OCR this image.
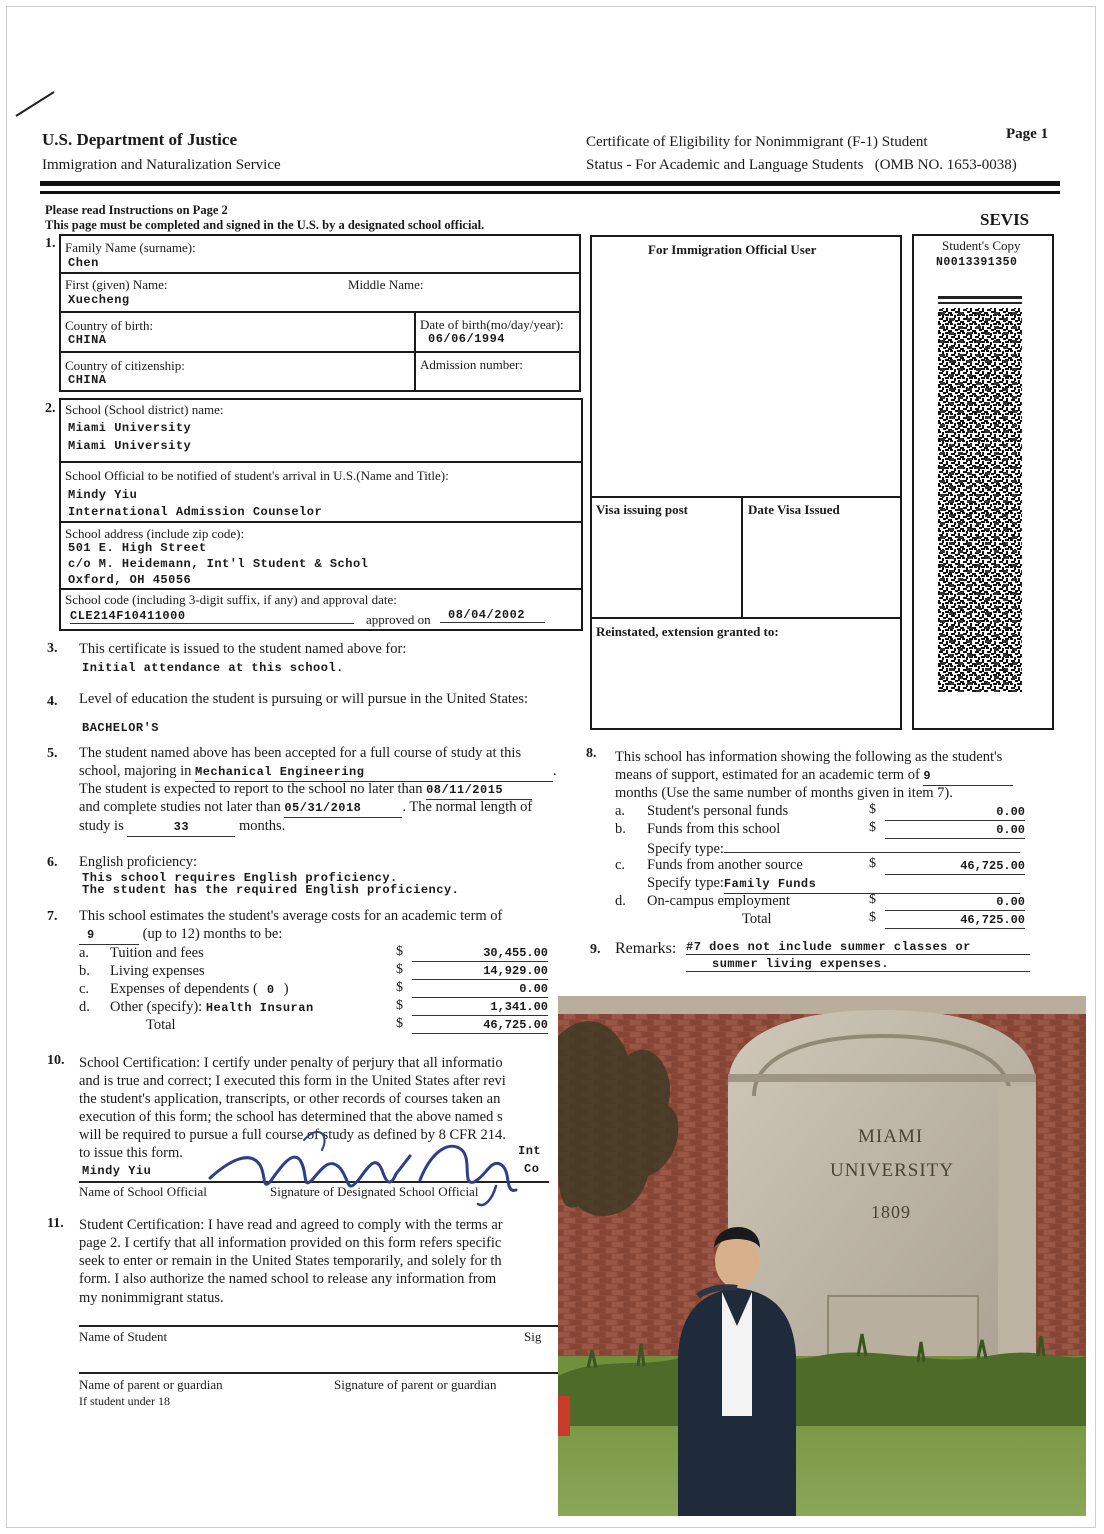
U.S. Department of Justice
Immigration and Naturalization Service
Certificate of Eligibility for Nonimmigrant (F-1) Student
Status - For Academic and Language Students (OMB NO. 1653-0038)
Page 1
Please read Instructions on Page 2
This page must be completed and signed in the U.S. by a designated school official.	SEVIS
Student's Copy
N0013391350
1. Family Name (surname):
Chen
First (given) Name:	Middle Name:
Xuecheng
Country of birth:
CHINA
Date of birth(mo/day/year):
06/06/1994
Country of citizenship:
CHINA
Admission number:
2. School (School district) name:
Miami University
Miami University
School Official to be notified of student's arrival in U.S.(Name and Title):
Mindy Yiu
International Admission Counselor
School address (include zip code):
501 E. High Street
c/o M. Heidemann, Int'l Student & Schol
Oxford, OH 45056
School code (including 3-digit suffix, if any) and approval date:
CLE214F10411000	approved on	08/04/2002
For Immigration Official User
Visa issuing post	Date Visa Issued
Reinstated, extension granted to:
3. This certificate is issued to the student named above for:
Initial attendance at this school.
4. Level of education the student is pursuing or will pursue in the United States:
BACHELOR'S
5. The student named above has been accepted for a full course of study at this
school, majoring in Mechanical Engineering	.
The student is expected to report to the school no later than 08/11/2015
and complete studies not later than 05/31/2018	. The normal length of
study is	33	months.
6. English proficiency:
This school requires English proficiency.
The student has the required English proficiency.
7. This school estimates the student's average costs for an academic term of
9	(up to 12) months to be:
a. Tuition and fees	$	30,455.00
b. Living expenses	$	14,929.00
c. Expenses of dependents ( 0 )	$	0.00
d. Other (specify): Health Insuran	$	1,341.00
Total	$	46,725.00
8. This school has information showing the following as the student's
means of support, estimated for an academic term of 9
months (Use the same number of months given in item 7).
a. Student's personal funds	$	0.00
b. Funds from this school	$	0.00
Specify type:
c. Funds from another source	$	46,725.00
Specify type:Family Funds
d. On-campus employment	$	0.00
Total	$	46,725.00
9. Remarks: #7 does not include summer classes or
summer living expenses.
10. School Certification: I certify under penalty of perjury that all informatio
and is true and correct; I executed this form in the United States after revi
the student's application, transcripts, or other records of courses taken an
execution of this form; the school has determined that the above named s
will be required to pursue a full course of study as defined by 8 CFR 214.
to issue this form.	Int
Mindy Yiu	Co
Name of School Official	Signature of Designated School Official
11. Student Certification: I have read and agreed to comply with the terms ar
page 2. I certify that all information provided on this form refers specific
seek to enter or remain in the United States temporarily, and solely for th
form. I also authorize the named school to release any information from
my nonimmigrant status.
Name of Student	Sig
Name of parent or guardian
If student under 18
Signature of parent or guardian
MIAMI
UNIVERSITY
1809
